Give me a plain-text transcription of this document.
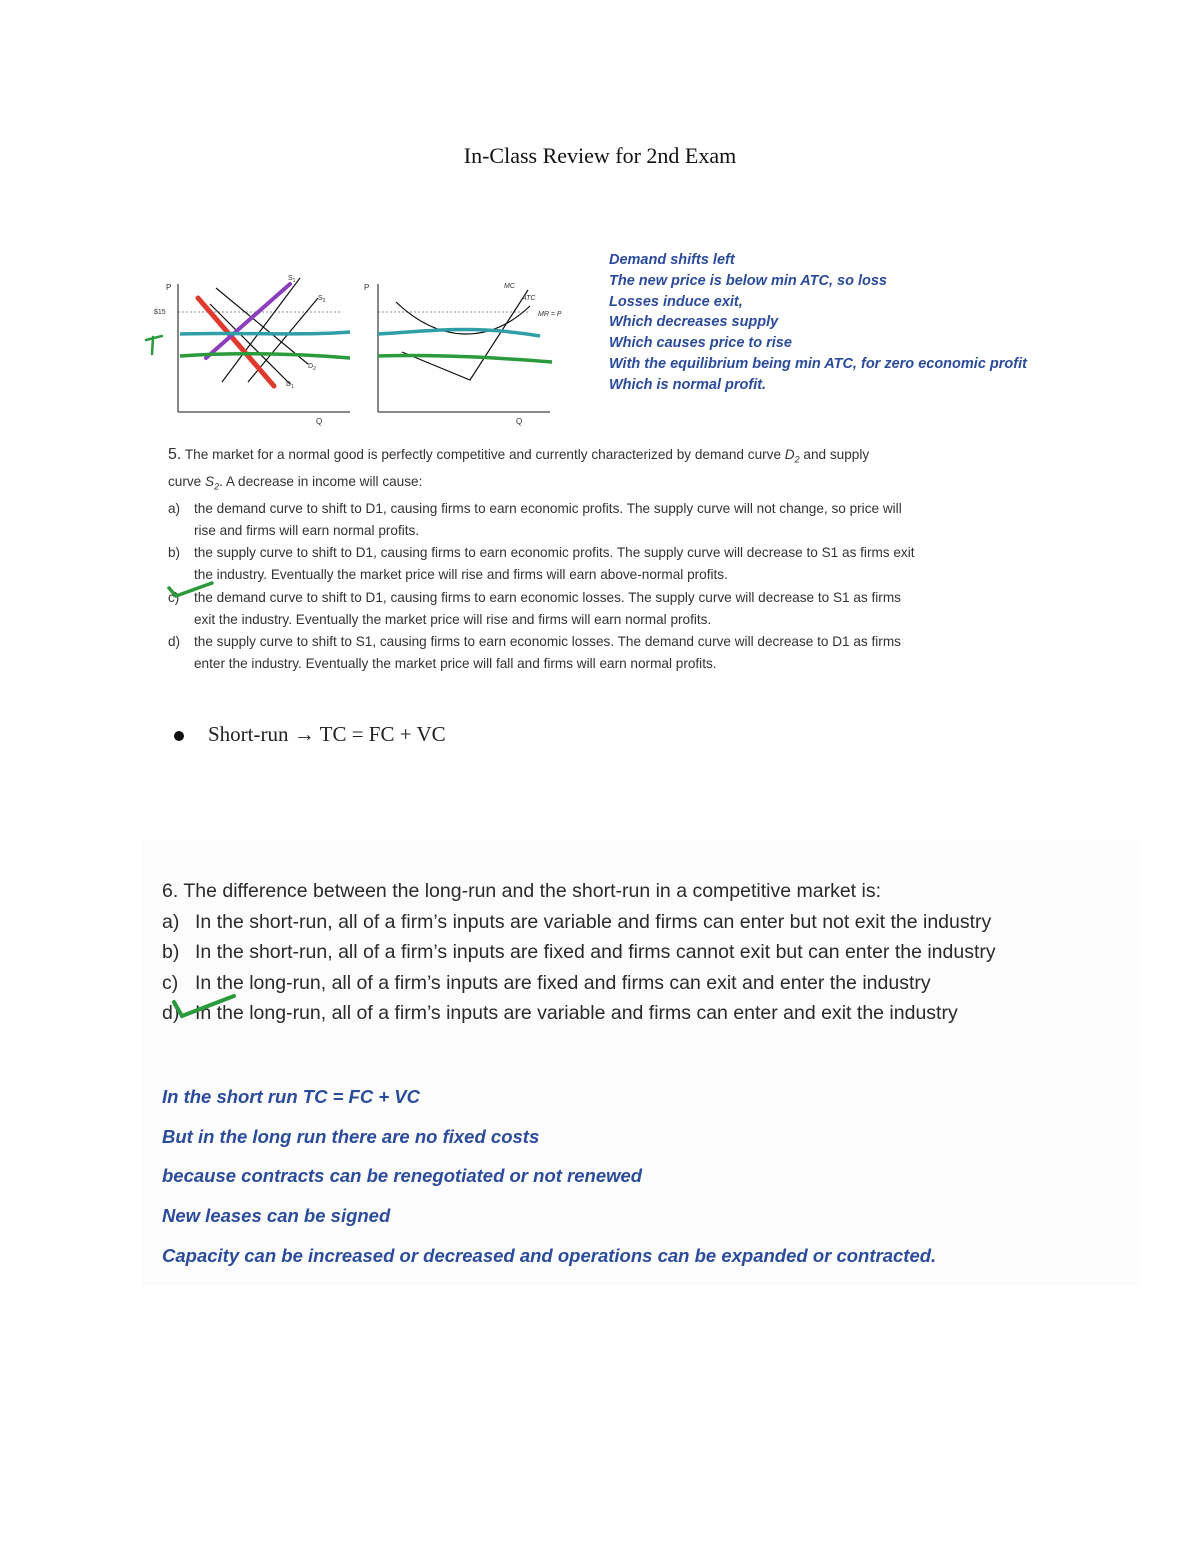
In-Class Review for 2nd Exam
P
$15
Q
$S_1$
$S_2$
$D_2$
$D_1$
P
Q
MC
ATC
MR = P
Demand shifts left
The new price is below min ATC, so loss
Losses induce exit,
Which decreases supply
Which causes price to rise
With the equilibrium being min ATC, for zero economic profit
Which is normal profit.
5. The market for a normal good is perfectly competitive and currently characterized by demand curve $D_2$ and supply
curve $S_2$. A decrease in income will cause:
a) the demand curve to shift to D1, causing firms to earn economic profits. The supply curve will not change, so price will
rise and firms will earn normal profits.
b) the supply curve to shift to D1, causing firms to earn economic profits. The supply curve will decrease to S1 as firms exit
the industry. Eventually the market price will rise and firms will earn above-normal profits.
c) the demand curve to shift to D1, causing firms to earn economic losses. The supply curve will decrease to S1 as firms
exit the industry. Eventually the market price will rise and firms will earn normal profits.
d) the supply curve to shift to S1, causing firms to earn economic losses. The demand curve will decrease to D1 as firms
enter the industry. Eventually the market price will fall and firms will earn normal profits.
Short-run → TC = FC + VC
6. The difference between the long-run and the short-run in a competitive market is:
a) In the short-run, all of a firm’s inputs are variable and firms can enter but not exit the industry
b) In the short-run, all of a firm’s inputs are fixed and firms cannot exit but can enter the industry
c) In the long-run, all of a firm’s inputs are fixed and firms can exit and enter the industry
d) In the long-run, all of a firm’s inputs are variable and firms can enter and exit the industry
In the short run TC = FC + VC
But in the long run there are no fixed costs
because contracts can be renegotiated or not renewed
New leases can be signed
Capacity can be increased or decreased and operations can be expanded or contracted.
